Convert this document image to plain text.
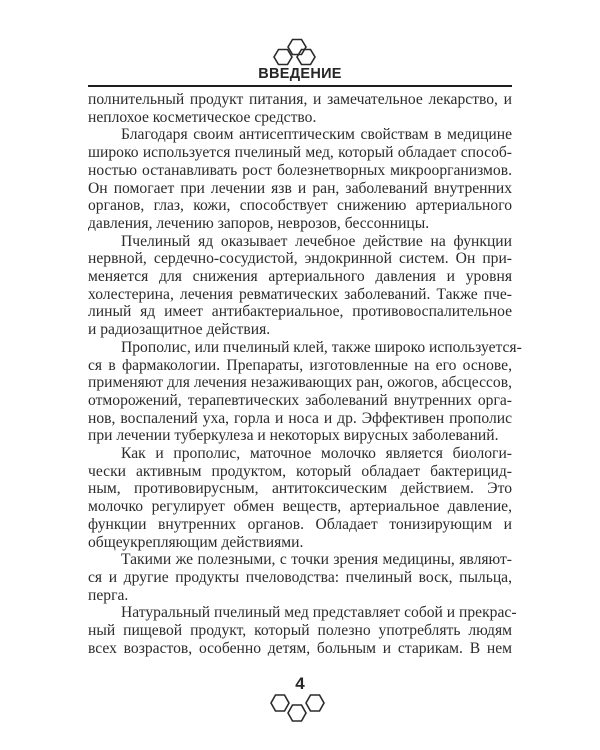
ВВЕДЕНИЕ

полнительный продукт питания, и замечательное лекарство, и
неплохое косметическое средство.

Благодаря своим антисептическим свойствам в медицине
широко используется пчелиный мед, который обладает способ-
ностью останавливать рост болезнетворных микроорганизмов.
Он помогает при лечении язв и ран, заболеваний внутренних
органов, глаз, кожи, способствует снижению артериального
давления, лечению запоров, неврозов, бессонницы.

Пчелиный яд оказывает лечебное действие на функции
нервной, сердечно-сосудистой, эндокринной систем. Он при-
меняется для снижения артериального давления и уровня
холестерина, лечения ревматических заболеваний. Также пче-
линый яд имеет антибактериальное, противовоспалительное
и радиозащитное действия.

Прополис, или пчелиный клей, также широко используется-
ся в фармакологии. Препараты, изготовленные на его основе,
применяют для лечения незаживающих ран, ожогов, абсцессов,
отморожений, терапевтических заболеваний внутренних орга-
нов, воспалений уха, горла и носа и др. Эффективен прополис
при лечении туберкулеза и некоторых вирусных заболеваний.

Как и прополис, маточное молочко является биологи-
чески активным продуктом, который обладает бактерицид-
ным, противовирусным, антитоксическим действием. Это
молочко регулирует обмен веществ, артериальное давление,
функции внутренних органов. Обладает тонизирующим и
общеукрепляющим действиями.

Такими же полезными, с точки зрения медицины, являют-
ся и другие продукты пчеловодства: пчелиный воск, пыльца,
перга.

Натуральный пчелиный мед представляет собой и прекрас-
ный пищевой продукт, который полезно употреблять людям
всех возрастов, особенно детям, больным и старикам. В нем

4
